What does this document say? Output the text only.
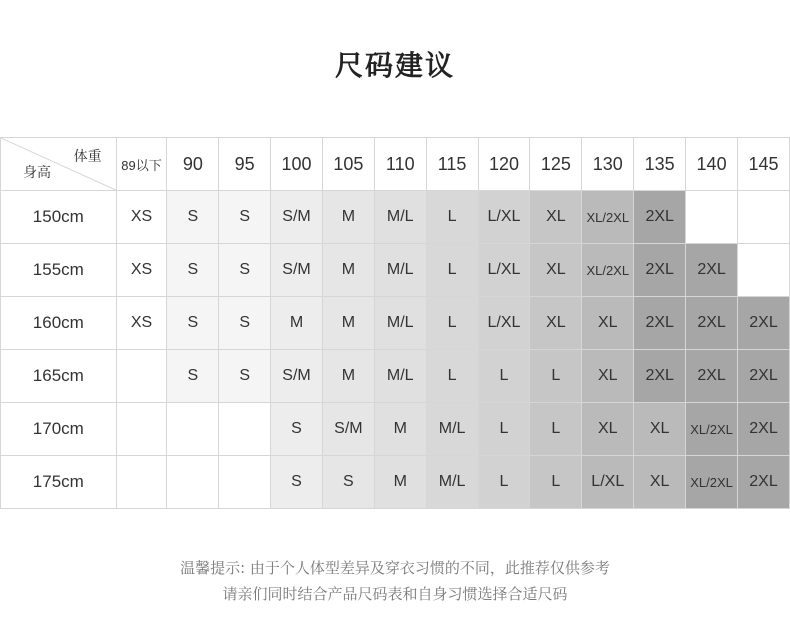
尺码建议
体重
身高	89以下	90	95	100	105	110	115	120	125	130	135	140	145
150cm	XS	S	S	S/M	M	M/L	L	L/XL	XL	XL/2XL	2XL		
155cm	XS	S	S	S/M	M	M/L	L	L/XL	XL	XL/2XL	2XL	2XL	
160cm	XS	S	S	M	M	M/L	L	L/XL	XL	XL	2XL	2XL	2XL
165cm		S	S	S/M	M	M/L	L	L	L	XL	2XL	2XL	2XL
170cm				S	S/M	M	M/L	L	L	XL	XL	XL/2XL	2XL
175cm				S	S	M	M/L	L	L	L/XL	XL	XL/2XL	2XL
温馨提示: 由于个人体型差异及穿衣习惯的不同，此推荐仅供参考
请亲们同时结合产品尺码表和自身习惯选择合适尺码
